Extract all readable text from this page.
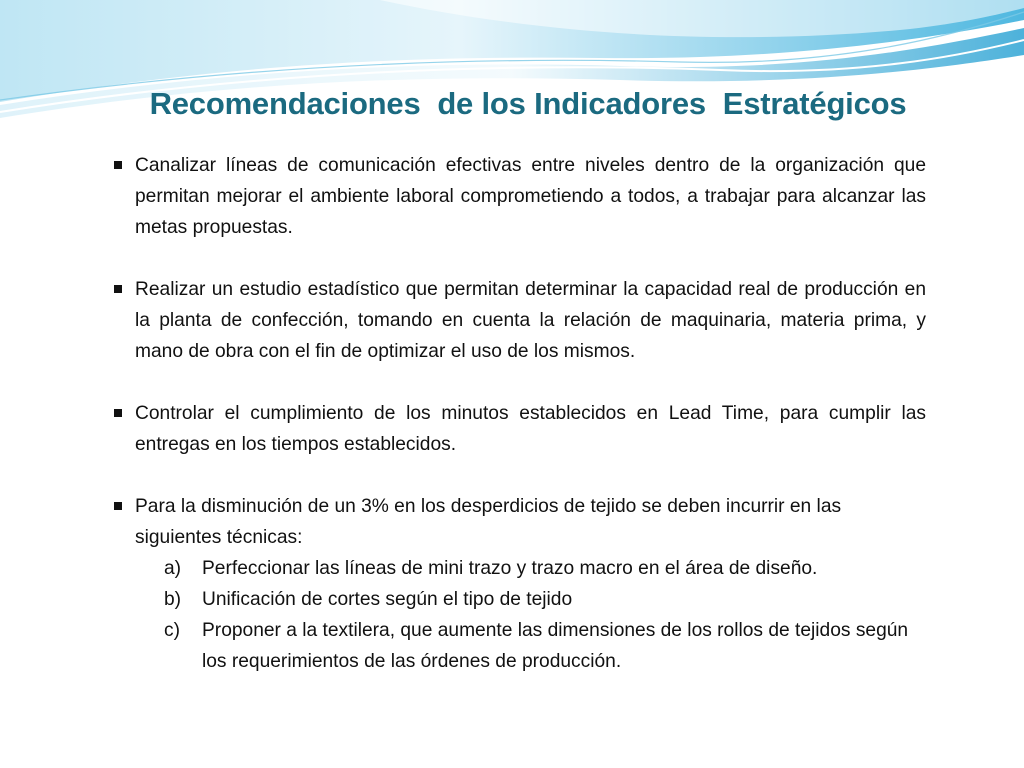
Recomendaciones  de los Indicadores  Estratégicos
Canalizar líneas de comunicación efectivas entre niveles dentro de la organización que permitan mejorar el ambiente laboral comprometiendo a todos, a trabajar para alcanzar las metas propuestas.
Realizar un estudio estadístico que permitan determinar la capacidad real de producción en la planta de confección, tomando en cuenta la relación de maquinaria, materia prima, y mano de obra con el fin de optimizar el uso de los mismos.
Controlar el cumplimiento de los minutos establecidos en Lead Time, para cumplir las entregas en los tiempos establecidos.
Para la disminución de un 3% en los desperdicios de tejido se deben incurrir en las siguientes técnicas:
a) Perfeccionar las líneas de mini trazo y trazo macro en el área de diseño.
b) Unificación de cortes según el tipo de tejido
c) Proponer a la textilera, que aumente las dimensiones de los rollos de tejidos según los requerimientos de las órdenes de producción.
